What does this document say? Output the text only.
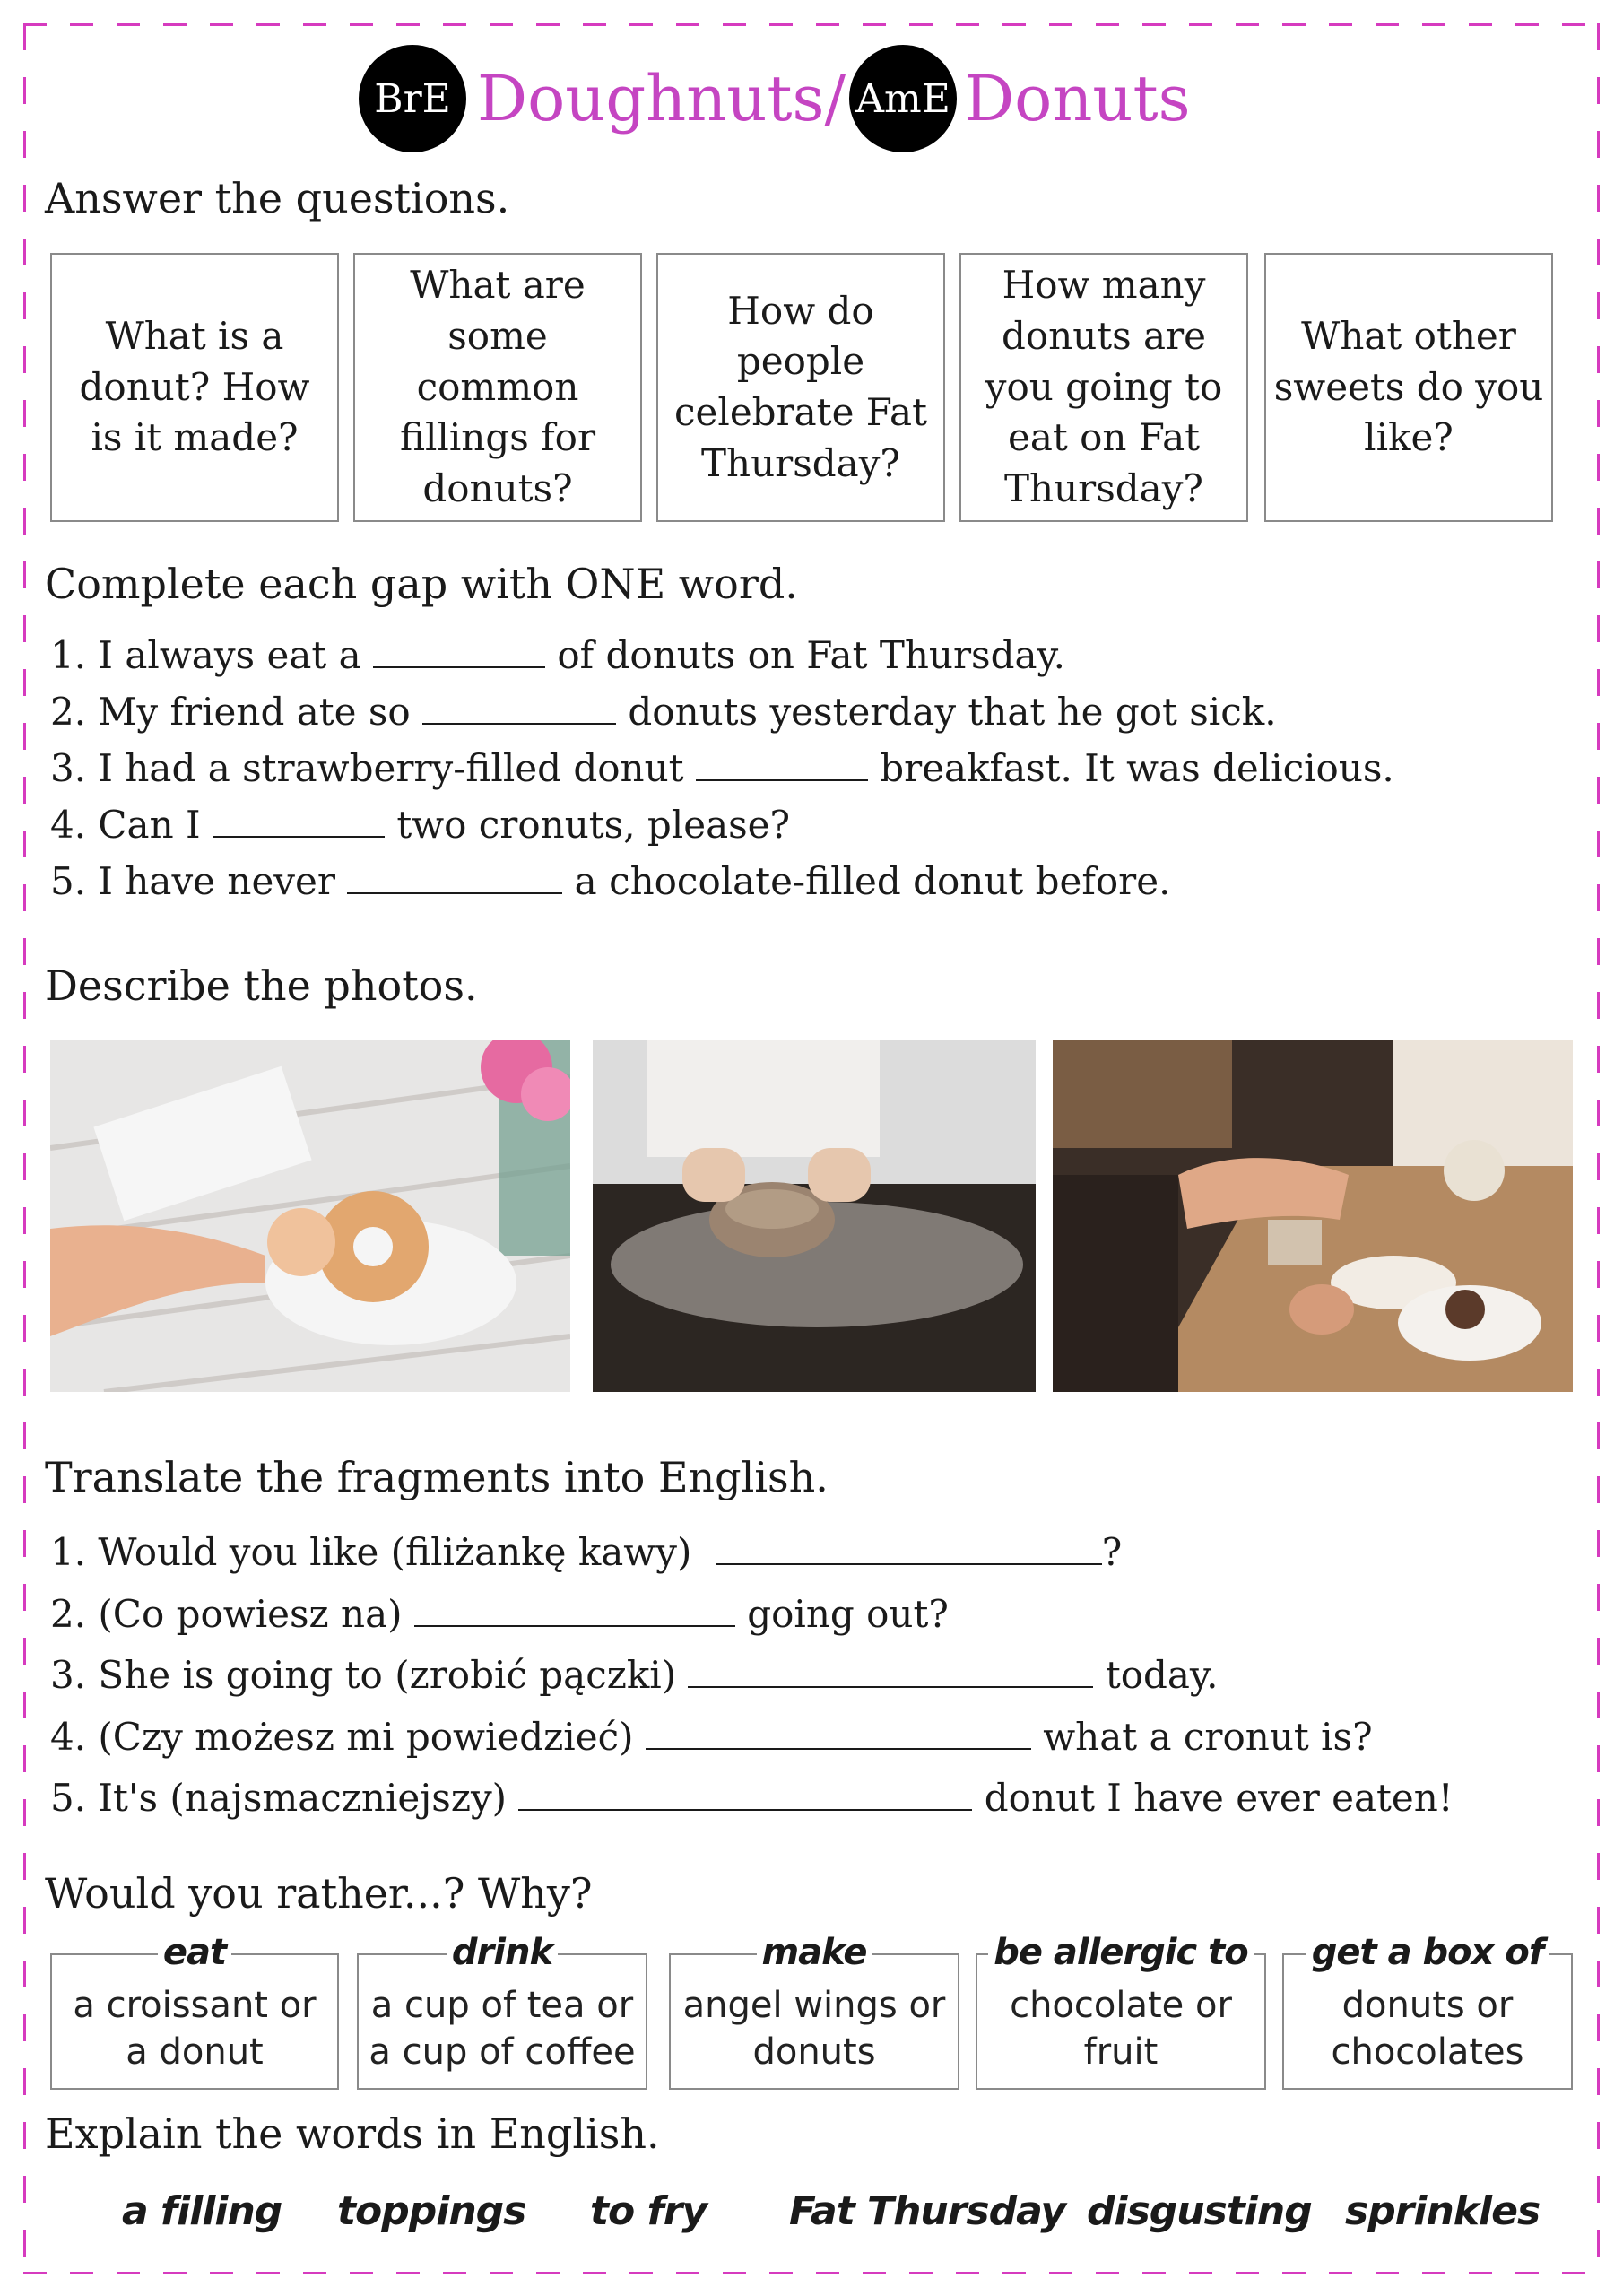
BrE Doughnuts / AmE Donuts
Answer the questions.
What is a donut? How is it made?
What are some common fillings for donuts?
How do people celebrate Fat Thursday?
How many donuts are you going to eat on Fat Thursday?
What other sweets do you like?
Complete each gap with ONE word.
1. I always eat a	of donuts on Fat Thursday.
2. My friend ate so	donuts yesterday that he got sick.
3. I had a strawberry-filled donut	breakfast. It was delicious.
4. Can I	two cronuts, please?
5. I have never	a chocolate-filled donut before.
Describe the photos.
Translate the fragments into English.
1. Would you like (filiżankę kawy)	?
2. (Co powiesz na)	going out?
3. She is going to (zrobić pączki)	today.
4. (Czy możesz mi powiedzieć)	what a cronut is?
5. It's (najsmaczniejszy)	donut I have ever eaten!
Would you rather...? Why?
eat
a croissant or
a donut
drink
a cup of tea or
a cup of coffee
make
angel wings or
donuts
be allergic to
chocolate or
fruit
get a box of
donuts or
chocolates
Explain the words in English.
a filling toppings to fry Fat Thursday disgusting sprinkles
